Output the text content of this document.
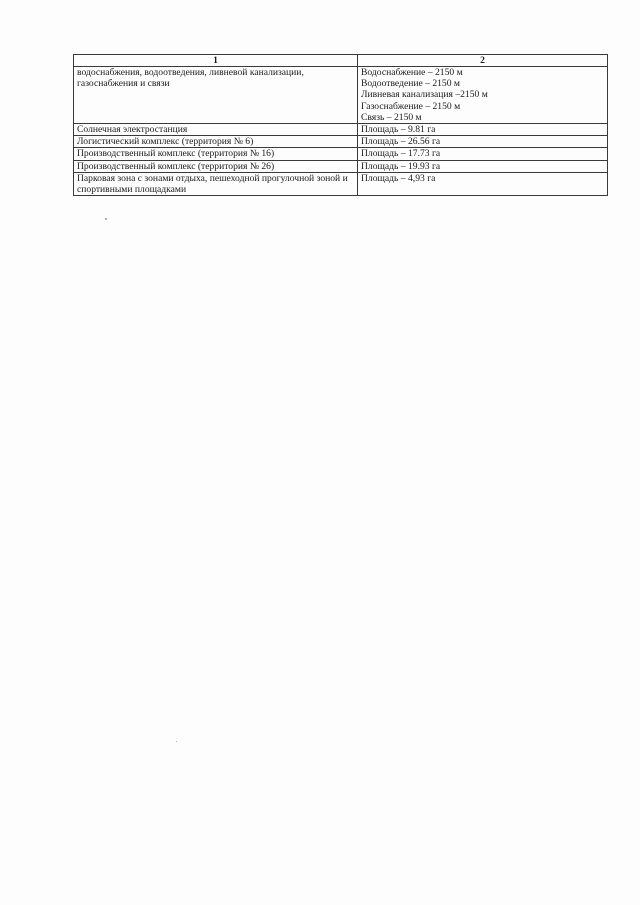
1	2
водоснабжения, водоотведения, ливневой канализации, газоснабжения и связи	Водоснабжение – 2150 м
Водоотведение – 2150 м
Ливневая канализация –2150 м
Газоснабжение – 2150 м
Связь – 2150 м

Солнечная электростанция	Площадь – 9.81 га
Логистический комплекс (территория № 6)	Площадь – 26.56 га
Производственный комплекс (территория № 16)	Площадь – 17.73 га
Производственный комплекс (территория № 26)	Площадь – 19.93 га
Парковая зона с зонами отдыха, пешеходной прогулочной зоной и спортивными площадками	Площадь – 4,93 га
